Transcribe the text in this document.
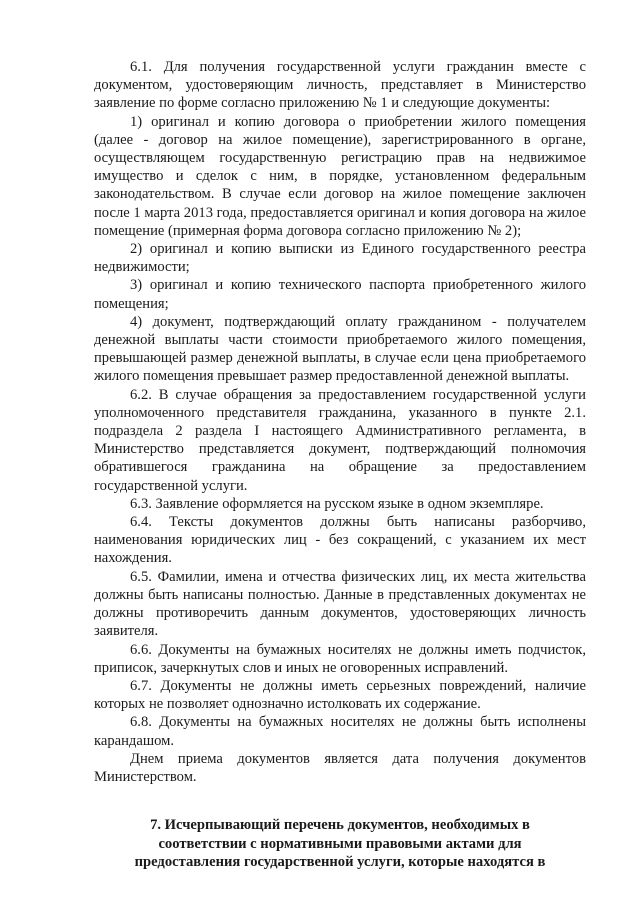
6.1. Для получения государственной услуги гражданин вместе с документом, удостоверяющим личность, представляет в Министерство заявление по форме согласно приложению № 1 и следующие документы:

1) оригинал и копию договора о приобретении жилого помещения (далее - договор на жилое помещение), зарегистрированного в органе, осуществляющем государственную регистрацию прав на недвижимое имущество и сделок с ним, в порядке, установленном федеральным законодательством. В случае если договор на жилое помещение заключен после 1 марта 2013 года, предоставляется оригинал и копия договора на жилое помещение (примерная форма договора согласно приложению № 2);

2) оригинал и копию выписки из Единого государственного реестра недвижимости;

3) оригинал и копию технического паспорта приобретенного жилого помещения;

4) документ, подтверждающий оплату гражданином - получателем денежной выплаты части стоимости приобретаемого жилого помещения, превышающей размер денежной выплаты, в случае если цена приобретаемого жилого помещения превышает размер предоставленной денежной выплаты.

6.2. В случае обращения за предоставлением государственной услуги уполномоченного представителя гражданина, указанного в пункте 2.1. подраздела 2 раздела I настоящего Административного регламента, в Министерство представляется документ, подтверждающий полномочия обратившегося гражданина на обращение за предоставлением государственной услуги.

6.3. Заявление оформляется на русском языке в одном экземпляре.

6.4. Тексты документов должны быть написаны разборчиво, наименования юридических лиц - без сокращений, с указанием их мест нахождения.

6.5. Фамилии, имена и отчества физических лиц, их места жительства должны быть написаны полностью. Данные в представленных документах не должны противоречить данным документов, удостоверяющих личность заявителя.

6.6. Документы на бумажных носителях не должны иметь подчисток, приписок, зачеркнутых слов и иных не оговоренных исправлений.

6.7. Документы не должны иметь серьезных повреждений, наличие которых не позволяет однозначно истолковать их содержание.

6.8. Документы на бумажных носителях не должны быть исполнены карандашом.

Днем приема документов является дата получения документов Министерством.

7. Исчерпывающий перечень документов, необходимых в соответствии с нормативными правовыми актами для предоставления государственной услуги, которые находятся в
